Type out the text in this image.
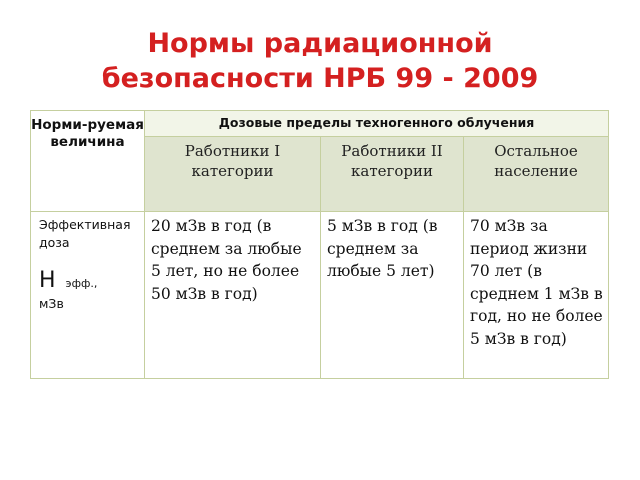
Нормы радиационной
безопасности НРБ 99 - 2009
Норми-руемая величина	Дозовые пределы техногенного облучения		
	Работники I категории	Работники II категории	Остальное население

Эффективная доза
Нэфф.,
мЗв	20 мЗв в год (в среднем за любые 5 лет, но не более 50 мЗв в год)	5 мЗв в год (в среднем за любые 5 лет)	70 мЗв за период жизни 70 лет (в среднем 1 мЗв в год, но не более 5 мЗв в год)
